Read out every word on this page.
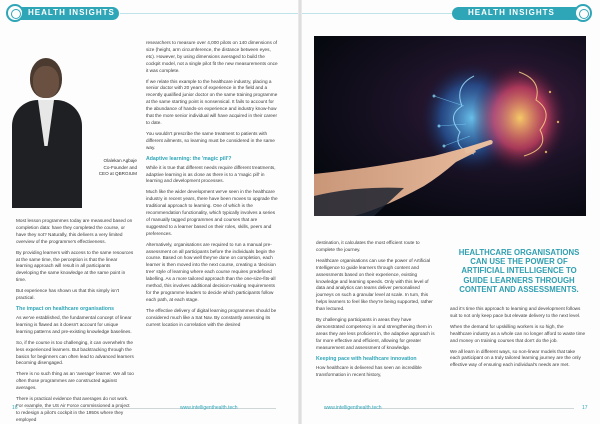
HEALTH INSIGHTS
Olalekan Agbaje
Co-Founder and
CEO at QBRGIUM

Most lesson programmes today are measured based on completion data: have they completed the course, or have they not? Naturally, this delivers a very limited overview of the programme's effectiveness.

By providing learners with access to the same resources at the same time, the perception is that the linear learning approach will result in all participants developing the same knowledge at the same point in time.

But experience has shown us that this simply isn't practical.

The impact on healthcare organisations

As we've established, the fundamental concept of linear learning is flawed as it doesn't account for unique learning patterns and pre-existing knowledge baselines.

So, if the course is too challenging, it can overwhelm the less experienced learners. But backtracking through the basics for beginners can often lead to advanced learners becoming disengaged.

There is no such thing as an 'average' learner. We all too often those programmes are constructed against averages.

There is practical evidence that averages do not work. For example, the US Air Force commissioned a project to redesign a pilot's cockpit in the 1950s where they employed

researchers to measure over 4,000 pilots on 140 dimensions of size (height, arm circumference, the distance between eyes, etc). However, by using dimensions averaged to build the cockpit model, not a single pilot fit the new measurements once it was complete.

If we relate this example to the healthcare industry, placing a senior doctor with 20 years of experience in the field and a recently qualified junior doctor on the same training programme at the same starting point is nonsensical. It fails to account for the abundance of hands-on experience and industry know-how that the more senior individual will have acquired in their career to date.

You wouldn't prescribe the same treatment to patients with different ailments, so learning must be considered in the same way.

Adaptive learning: the 'magic pill'?

While it is true that different needs require different treatments, adaptive learning is as close as there is to a 'magic pill' in learning and development processes.

Much like the wider development we've seen in the healthcare industry in recent years, there have been moves to upgrade the traditional approach to learning. One of which is the recommendation functionality, which typically involves a series of manually tagged programmes and courses that are suggested to a learner based on their roles, skills, peers and preferences.

Alternatively, organisations are required to run a manual pre-assessment on all participants before the individuals begin the course. Based on how well they've done on completion, each learner is then moved into the next course, creating a 'decision tree' style of learning where each course requires predefined labelling. As a more tailored approach than the one-size-fits-all method, this involves additional decision-making requirements for the programme leaders to decide which participants follow each path, at each stage.

The effective delivery of digital learning programmes should be considered much like a Sat Nav. By constantly assessing its current location in correlation with the desired

16	www.intelligenthealth.tech
HEALTH INSIGHTS

destination, it calculates the most efficient route to complete the journey.

Healthcare organisations can use the power of Artificial Intelligence to guide learners through content and assessments based on their experience, existing knowledge and learning speeds. Only with this level of data and analytics can teams deliver personalised journeys on such a granular level at scale. In turn, this helps learners to feel like they're being supported, rather than lectured.

By challenging participants in areas they have demonstrated competency in and strengthening them in areas they are less proficient in, the adaptive approach is far more effective and efficient, allowing for greater measurement and assessment of knowledge.

Keeping pace with healthcare innovation

How healthcare is delivered has seen an incredible transformation in recent history,

HEALTHCARE ORGANISATIONS CAN USE THE POWER OF ARTIFICIAL INTELLIGENCE TO GUIDE LEARNERS THROUGH CONTENT AND ASSESSMENTS.

and it's time this approach to learning and development follows suit to not only keep pace but elevate delivery to the next level.

When the demand for upskilling workers is so high, the healthcare industry as a whole can no longer afford to waste time and money on training courses that don't do the job.

We all learn in different ways, so non-linear models that take each participant on a truly tailored learning journey are the only effective way of ensuring each individual's needs are met.

www.intelligenthealth.tech	17
